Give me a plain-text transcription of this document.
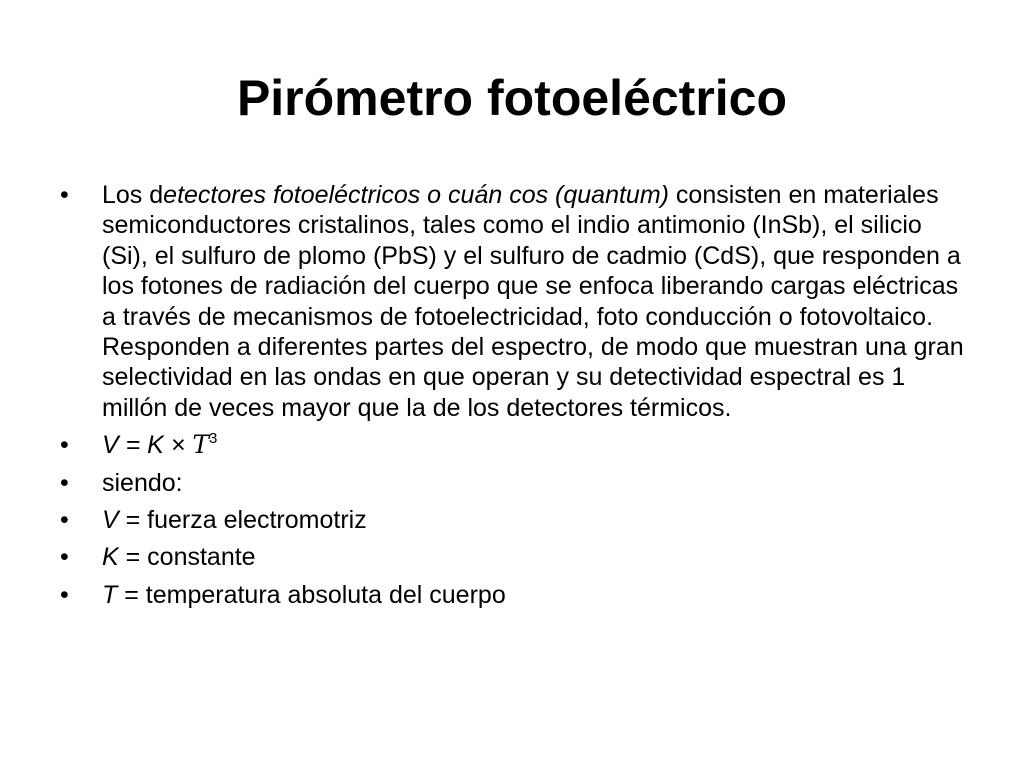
Pirómetro fotoeléctrico
• Los detectores fotoeléctricos o cuán cos (quantum) consisten en materiales semiconductores cristalinos, tales como el indio antimonio (InSb), el silicio (Si), el sulfuro de plomo (PbS) y el sulfuro de cadmio (CdS), que responden a los fotones de radiación del cuerpo que se enfoca liberando cargas eléctricas a través de mecanismos de fotoelectricidad, foto conducción o fotovoltaico. Responden a diferentes partes del espectro, de modo que muestran una gran selectividad en las ondas en que operan y su detectividad espectral es 1 millón de veces mayor que la de los detectores térmicos.
• $V = K \times T^3$
• siendo:
• V = fuerza electromotriz
• K = constante
• T = temperatura absoluta del cuerpo
